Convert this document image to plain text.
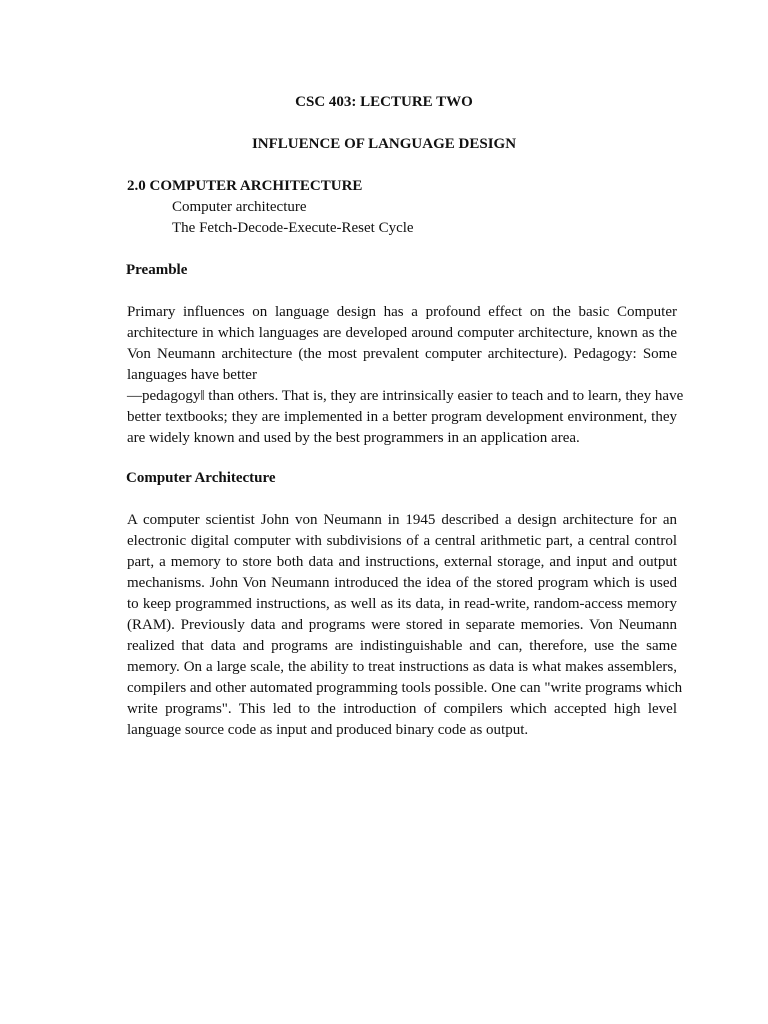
CSC 403: LECTURE TWO
INFLUENCE OF LANGUAGE DESIGN
2.0 COMPUTER ARCHITECTURE
Computer architecture
The Fetch-Decode-Execute-Reset Cycle
Preamble
Primary influences on language design has a profound effect on the basic Computer
architecture in which languages are developed around computer architecture, known as the
Von Neumann architecture (the most prevalent computer architecture). Pedagogy: Some
languages have better
—pedagogy‖ than others. That is, they are intrinsically easier to teach and to learn, they have
better textbooks; they are implemented in a better program development environment, they
are widely known and used by the best programmers in an application area.
Computer Architecture
A computer scientist John von Neumann in 1945 described a design architecture for an
electronic digital computer with subdivisions of a central arithmetic part, a central control
part, a memory to store both data and instructions, external storage, and input and output
mechanisms. John Von Neumann introduced the idea of the stored program which is used
to keep programmed instructions, as well as its data, in read-write, random-access memory
(RAM). Previously data and programs were stored in separate memories. Von Neumann
realized that data and programs are indistinguishable and can, therefore, use the same
memory. On a large scale, the ability to treat instructions as data is what makes assemblers,
compilers and other automated programming tools possible. One can "write programs which
write programs". This led to the introduction of compilers which accepted high level
language source code as input and produced binary code as output.
